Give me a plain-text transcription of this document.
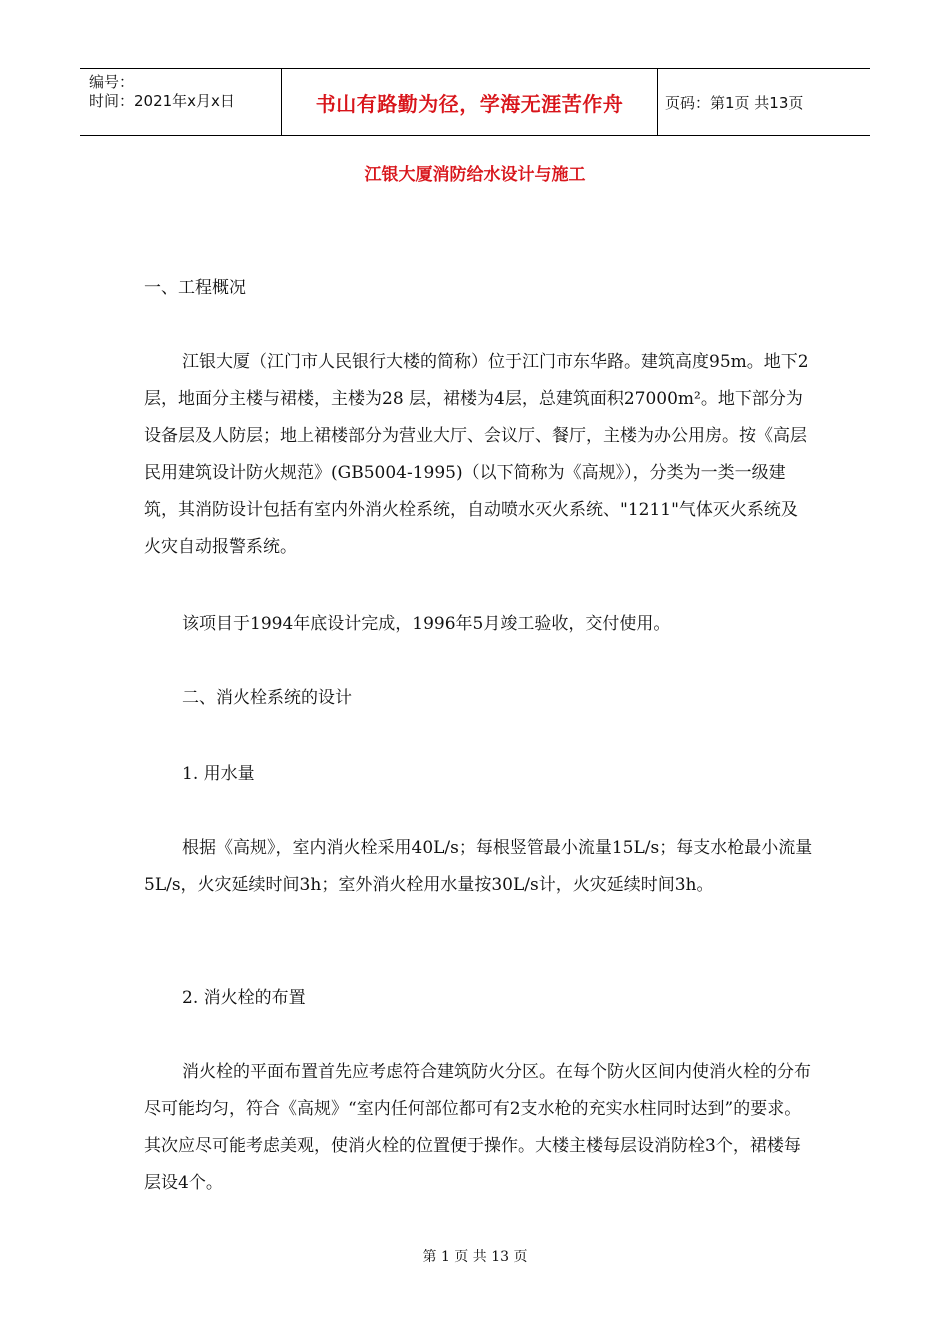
编号：
时间：2021年x月x日	书山有路勤为径，学海无涯苦作舟	页码：第1页 共13页
江银大厦消防给水设计与施工
一、工程概况

江银大厦（江门市人民银行大楼的简称）位于江门市东华路。建筑高度95m。地下2层，地面分主楼与裙楼，主楼为28 层，裙楼为4层，总建筑面积27000m²。地下部分为设备层及人防层；地上裙楼部分为营业大厅、会议厅、餐厅，主楼为办公用房。按《高层民用建筑设计防火规范》(GB5004-1995)（以下简称为《高规》），分类为一类一级建筑，其消防设计包括有室内外消火栓系统，自动喷水灭火系统、"1211"气体灭火系统及火灾自动报警系统。

该项目于1994年底设计完成，1996年5月竣工验收，交付使用。

二、消火栓系统的设计
1. 用水量

根据《高规》，室内消火栓采用40L/s；每根竖管最小流量15L/s；每支水枪最小流量5L/s，火灾延续时间3h；室外消火栓用水量按30L/s计，火灾延续时间3h。

2. 消火栓的布置

消火栓的平面布置首先应考虑符合建筑防火分区。在每个防火区间内使消火栓的分布尽可能均匀，符合《高规》“室内任何部位都可有2支水枪的充实水柱同时达到”的要求。其次应尽可能考虑美观，使消火栓的位置便于操作。大楼主楼每层设消防栓3个，裙楼每层设4个。

第 1 页 共 13 页
